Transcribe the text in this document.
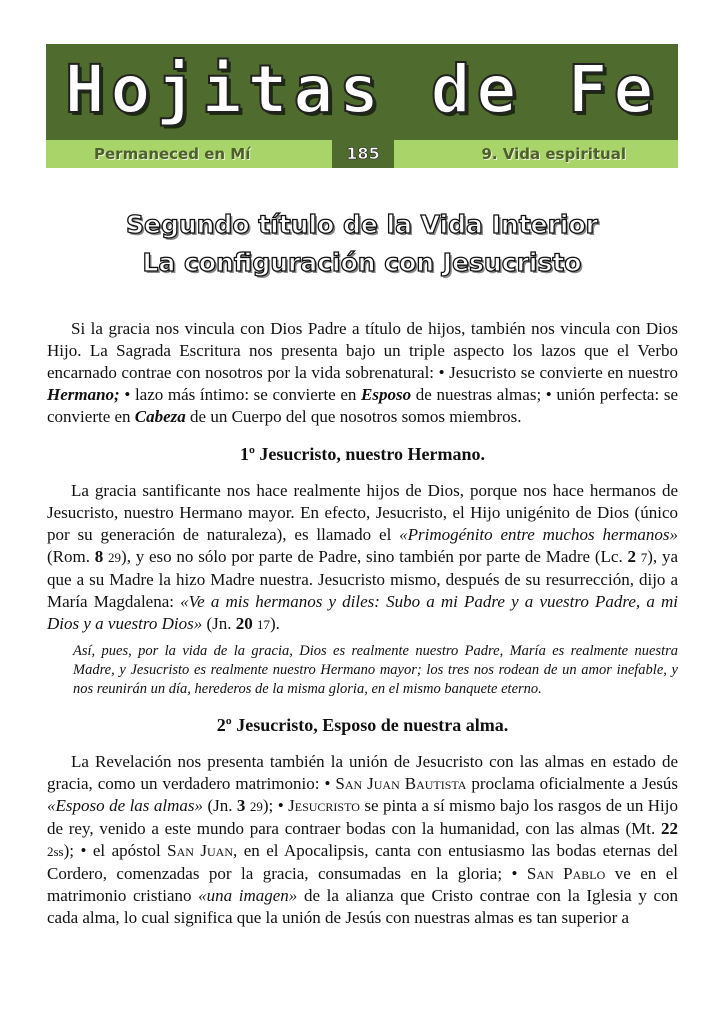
Hojitas de Fe
Permaneced en Mí	185	9. Vida espiritual
Segundo título de la Vida Interior
La configuración con Jesucristo

Si la gracia nos vincula con Dios Padre a título de hijos, también nos vincula con Dios Hijo. La Sagrada Escritura nos presenta bajo un triple aspecto los lazos que el Verbo encarnado contrae con nosotros por la vida sobrenatural: • Jesucristo se convierte en nuestro Hermano; • lazo más íntimo: se convierte en Esposo de nuestras almas; • unión perfecta: se convierte en Cabeza de un Cuerpo del que nosotros somos miembros.

1º Jesucristo, nuestro Hermano.

La gracia santificante nos hace realmente hijos de Dios, porque nos hace hermanos de Jesucristo, nuestro Hermano mayor. En efecto, Jesucristo, el Hijo unigénito de Dios (único por su generación de naturaleza), es llamado el «Primogénito entre muchos hermanos» (Rom. 8 29), y eso no sólo por parte de Padre, sino también por parte de Madre (Lc. 2 7), ya que a su Madre la hizo Madre nuestra. Jesucristo mismo, después de su resurrección, dijo a María Magdalena: «Ve a mis hermanos y diles: Subo a mi Padre y a vuestro Padre, a mi Dios y a vuestro Dios» (Jn. 20 17).

Así, pues, por la vida de la gracia, Dios es realmente nuestro Padre, María es realmente nuestra Madre, y Jesucristo es realmente nuestro Hermano mayor; los tres nos rodean de un amor inefable, y nos reunirán un día, herederos de la misma gloria, en el mismo banquete eterno.

2º Jesucristo, Esposo de nuestra alma.

La Revelación nos presenta también la unión de Jesucristo con las almas en estado de gracia, como un verdadero matrimonio: • San Juan Bautista proclama oficialmente a Jesús «Esposo de las almas» (Jn. 3 29); • Jesucristo se pinta a sí mismo bajo los rasgos de un Hijo de rey, venido a este mundo para contraer bodas con la humanidad, con las almas (Mt. 22 2ss); • el apóstol San Juan, en el Apocalipsis, canta con entusiasmo las bodas eternas del Cordero, comenzadas por la gracia, consumadas en la gloria; • San Pablo ve en el matrimonio cristiano «una imagen» de la alianza que Cristo contrae con la Iglesia y con cada alma, lo cual significa que la unión de Jesús con nuestras almas es tan superior a
